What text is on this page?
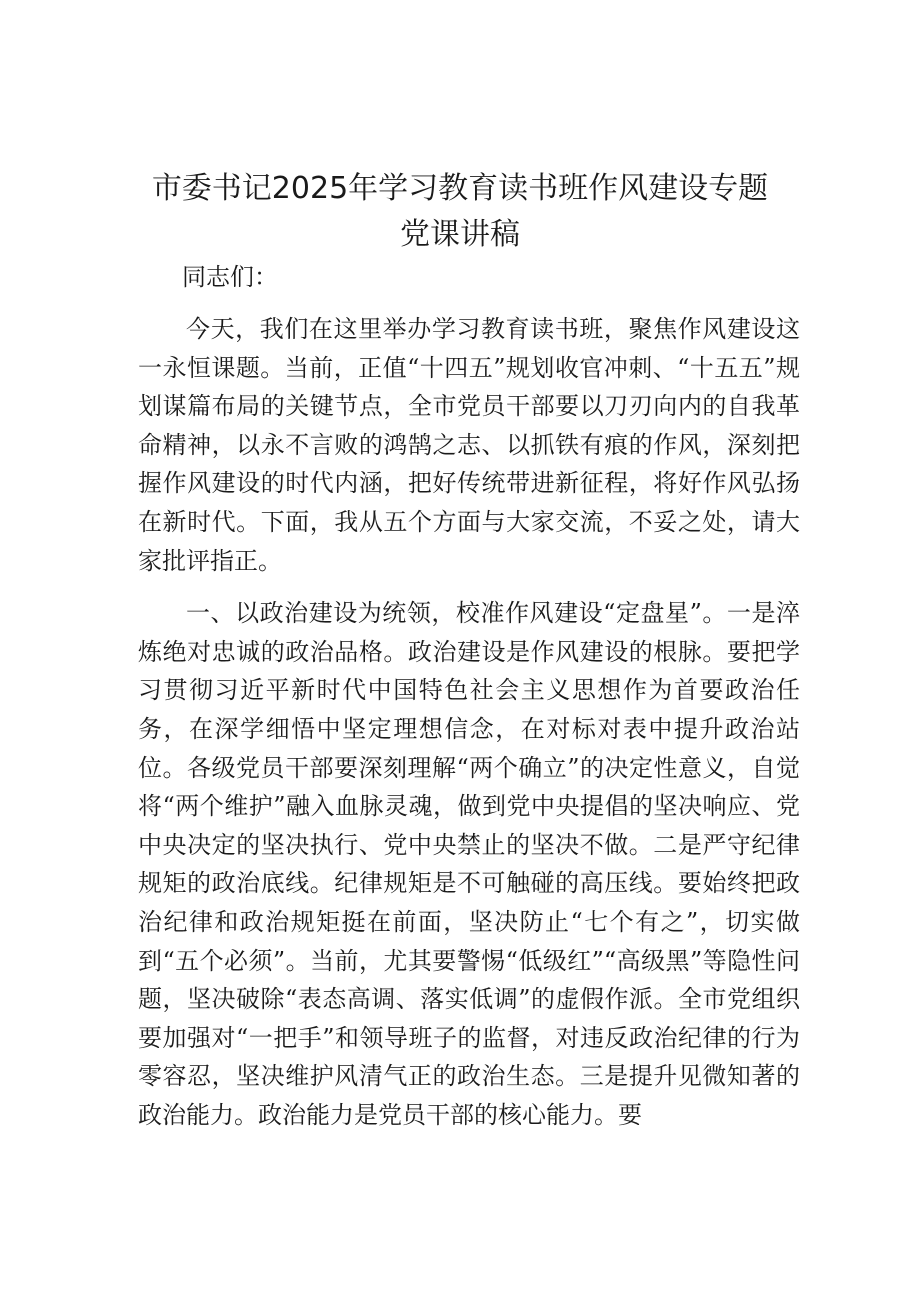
市委书记2025年学习教育读书班作风建设专题
党课讲稿

同志们：

今天，我们在这里举办学习教育读书班，聚焦作风建设这一永恒课题。当前，正值“十四五”规划收官冲刺、“十五五”规划谋篇布局的关键节点，全市党员干部要以刀刃向内的自我革命精神，以永不言败的鸿鹄之志、以抓铁有痕的作风，深刻把握作风建设的时代内涵，把好传统带进新征程，将好作风弘扬在新时代。下面，我从五个方面与大家交流，不妥之处，请大家批评指正。

一、以政治建设为统领，校准作风建设“定盘星”。一是淬炼绝对忠诚的政治品格。政治建设是作风建设的根脉。要把学习贯彻习近平新时代中国特色社会主义思想作为首要政治任务，在深学细悟中坚定理想信念，在对标对表中提升政治站位。各级党员干部要深刻理解“两个确立”的决定性意义，自觉将“两个维护”融入血脉灵魂，做到党中央提倡的坚决响应、党中央决定的坚决执行、党中央禁止的坚决不做。二是严守纪律规矩的政治底线。纪律规矩是不可触碰的高压线。要始终把政治纪律和政治规矩挺在前面，坚决防止“七个有之”，切实做到“五个必须”。当前，尤其要警惕“低级红”“高级黑”等隐性问题，坚决破除“表态高调、落实低调”的虚假作派。全市党组织要加强对“一把手”和领导班子的监督，对违反政治纪律的行为零容忍，坚决维护风清气正的政治生态。三是提升见微知著的政治能力。政治能力是党员干部的核心能力。要
